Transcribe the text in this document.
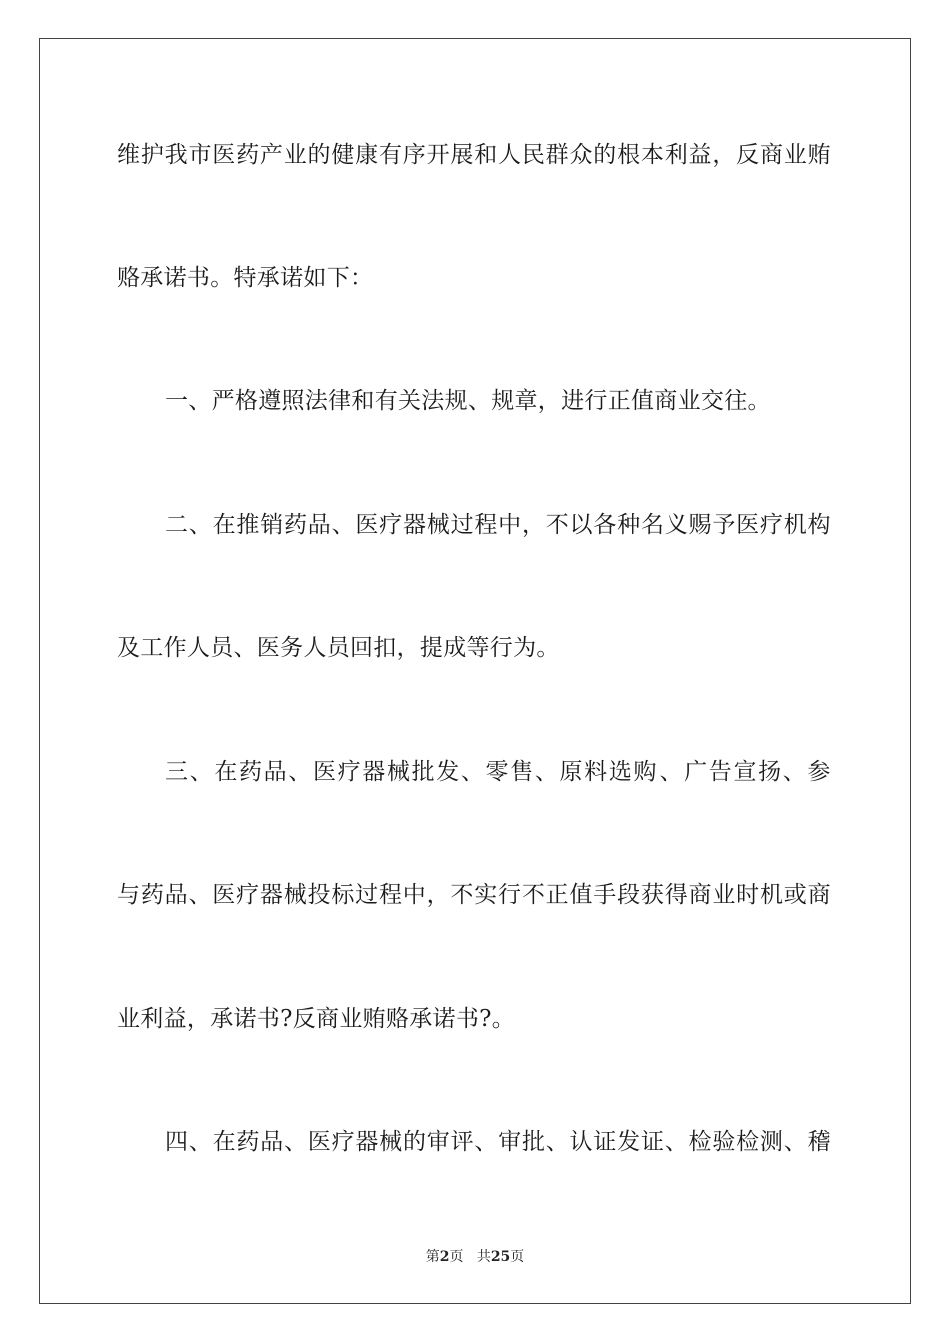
维 护 我 市 医 药 产 业 的 健 康 有 序 开 展 和 人 民 群 众 的 根 本 利 益 ， 反 商 业 贿

赂承诺书。特承诺如下：

一、严格遵照法律和有关法规、规章，进行正值商业交往。

二 、 在 推 销 药 品 、 医 疗 器 械 过 程 中 ， 不 以 各 种 名 义 赐 予 医 疗 机 构

及工作人员、医务人员回扣，提成等行为。

三 、 在 药 品 、 医 疗 器 械 批 发 、 零 售 、 原 料 选 购 、 广 告 宣 扬 、 参

与 药 品 、 医 疗 器 械 投 标 过 程 中 ， 不 实 行 不 正 值 手 段 获 得 商 业 时 机 或 商

业利益，承诺书?反商业贿赂承诺书?。

四 、 在 药 品 、 医 疗 器 械 的 审 评 、 审 批 、 认 证 发 证 、 检 验 检 测 、 稽

第2页 共25页
